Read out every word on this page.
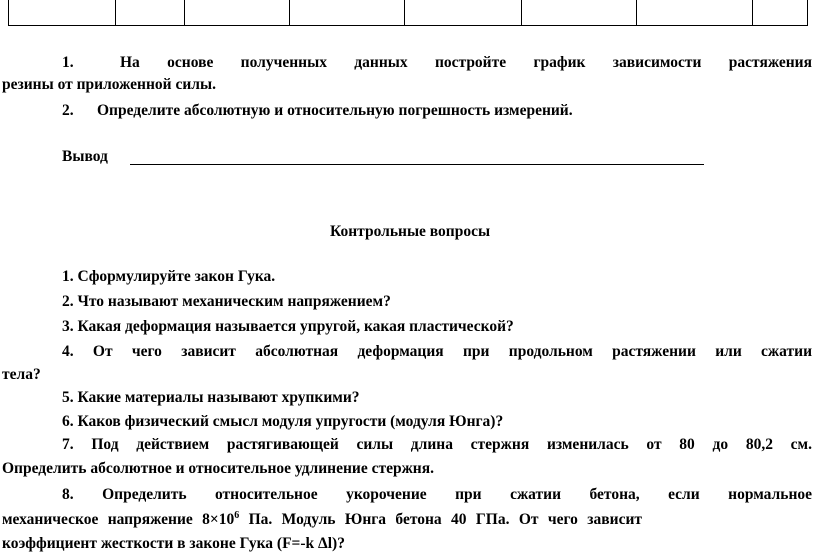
1.	На основе полученных данных постройте график зависимости растяжения
резины от приложенной силы.
2. Определите абсолютную и относительную погрешность измерений.
Вывод
Контрольные вопросы
1. Сформулируйте закон Гука.
2. Что называют механическим напряжением?
3. Какая деформация называется упругой, какая пластической?
4. От чего зависит абсолютная деформация при продольном растяжении или сжатии
тела?
5. Какие материалы называют хрупкими?
6. Каков физический смысл модуля упругости (модуля Юнга)?
7. Под действием растягивающей силы длина стержня изменилась от 80 до 80,2 см.
Определить абсолютное и относительное удлинение стержня.
8. Определить относительное укорочение при сжатии бетона, если нормальное
механическое напряжение $8\times 10^6$ Па. Модуль Юнга бетона 40 ГПа. От чего зависит
коэффициент жесткости в законе Гука (F=-k Δl)?
